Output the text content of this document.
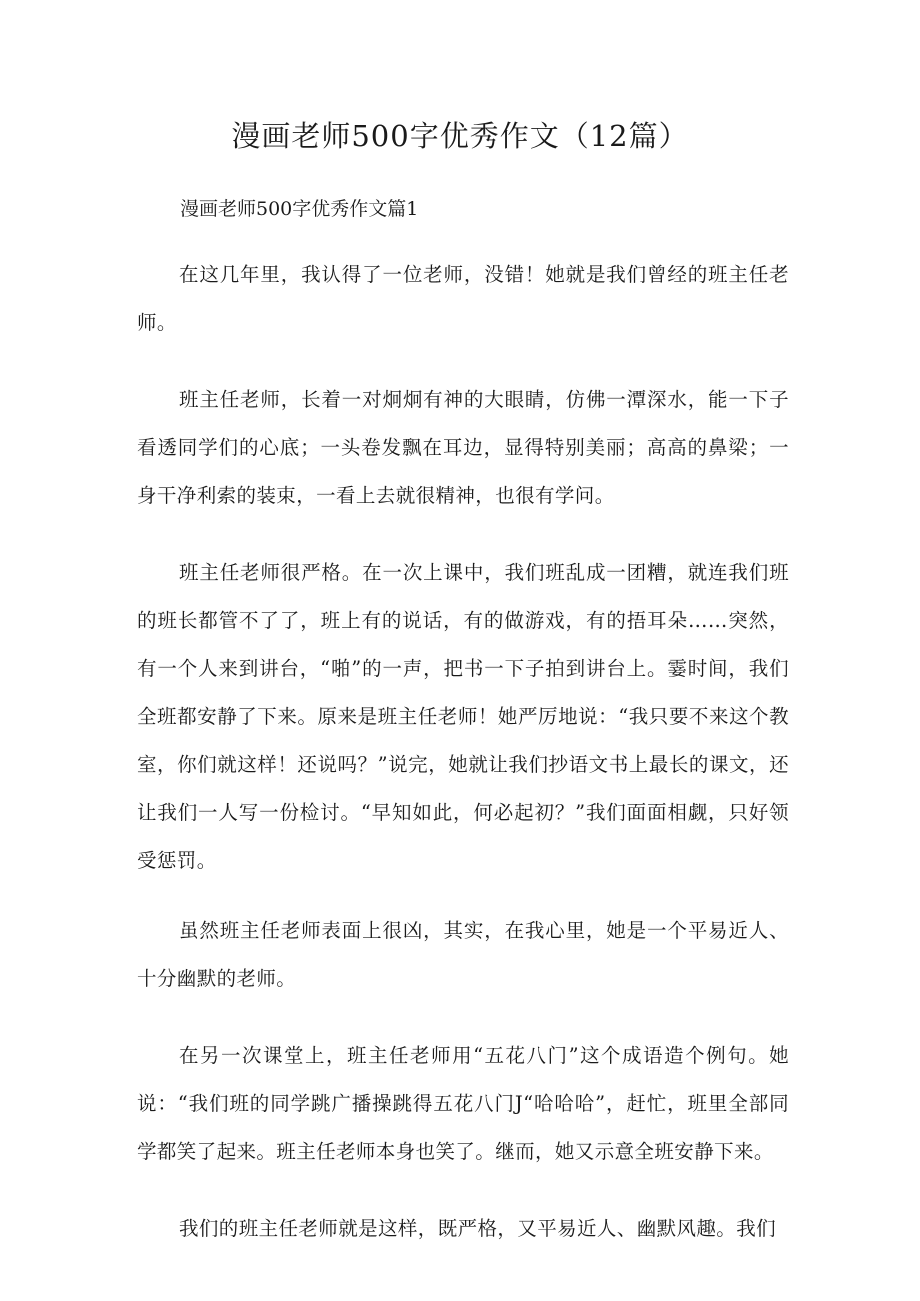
漫画老师500字优秀作文（12篇）
漫画老师500字优秀作文篇1

在这几年里，我认得了一位老师，没错！她就是我们曾经的班主任老师。

班主任老师，长着一对炯炯有神的大眼睛，仿佛一潭深水，能一下子看透同学们的心底；一头卷发飘在耳边，显得特别美丽；高高的鼻梁；一身干净利索的装束，一看上去就很精神，也很有学问。

班主任老师很严格。在一次上课中，我们班乱成一团糟，就连我们班的班长都管不了了，班上有的说话，有的做游戏，有的捂耳朵……突然，有一个人来到讲台，“啪”的一声，把书一下子拍到讲台上。霎时间，我们全班都安静了下来。原来是班主任老师！她严厉地说：“我只要不来这个教室，你们就这样！还说吗？”说完，她就让我们抄语文书上最长的课文，还让我们一人写一份检讨。“早知如此，何必起初？”我们面面相觑，只好领受惩罚。

虽然班主任老师表面上很凶，其实，在我心里，她是一个平易近人、十分幽默的老师。

在另一次课堂上，班主任老师用“五花八门”这个成语造个例句。她说：“我们班的同学跳广播操跳得五花八门J“哈哈哈”，赶忙，班里全部同学都笑了起来。班主任老师本身也笑了。继而，她又示意全班安静下来。

我们的班主任老师就是这样，既严格，又平易近人、幽默风趣。我们
